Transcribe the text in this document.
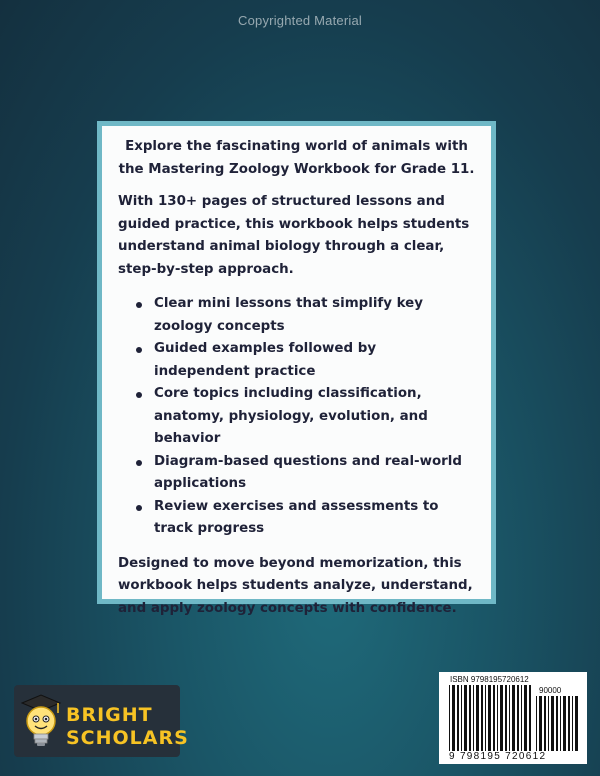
Copyrighted Material

Explore the fascinating world of animals with the Mastering Zoology Workbook for Grade 11.

With 130+ pages of structured lessons and guided practice, this workbook helps students understand animal biology through a clear, step-by-step approach.

Clear mini lessons that simplify key zoology concepts
Guided examples followed by independent practice
Core topics including classification, anatomy, physiology, evolution, and behavior
Diagram-based questions and real-world applications
Review exercises and assessments to track progress

Designed to move beyond memorization, this workbook helps students analyze, understand, and apply zoology concepts with confidence.

BRIGHT
SCHOLARS
ISBN 9798195720612
90000
9 798195 720612
